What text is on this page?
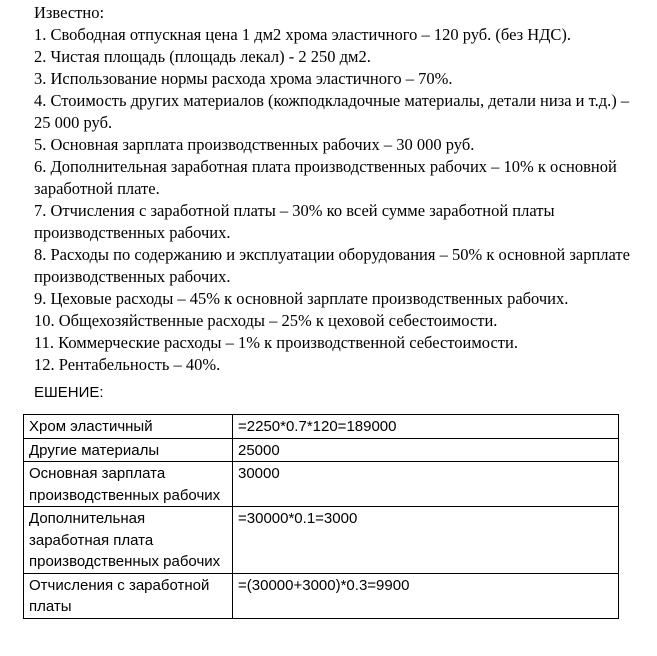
Известно:

1. Свободная отпускная цена 1 дм2 хрома эластичного – 120 руб. (без НДС).

2. Чистая площадь (площадь лекал) - 2 250 дм2.

3. Использование нормы расхода хрома эластичного – 70%.

4. Стоимость других материалов (кожподкладочные материалы, детали низа и т.д.) – 25 000 руб.

5. Основная зарплата производственных рабочих – 30 000 руб.

6. Дополнительная заработная плата производственных рабочих – 10% к основной заработной плате.

7. Отчисления с заработной платы – 30% ко всей сумме заработной платы производственных рабочих.

8. Расходы по содержанию и эксплуатации оборудования – 50% к основной зарплате производственных рабочих.

9. Цеховые расходы – 45% к основной зарплате производственных рабочих.

10. Общехозяйственные расходы – 25% к цеховой себестоимости.

11. Коммерческие расходы – 1% к производственной себестоимости.

12. Рентабельность – 40%.

ЕШЕНИЕ:
Хром эластичный	=2250*0.7*120=189000
Другие материалы	25000
Основная зарплата производственных рабочих	30000
Дополнительная заработная плата производственных рабочих	=30000*0.1=3000
Отчисления с заработной платы	=(30000+3000)*0.3=9900
